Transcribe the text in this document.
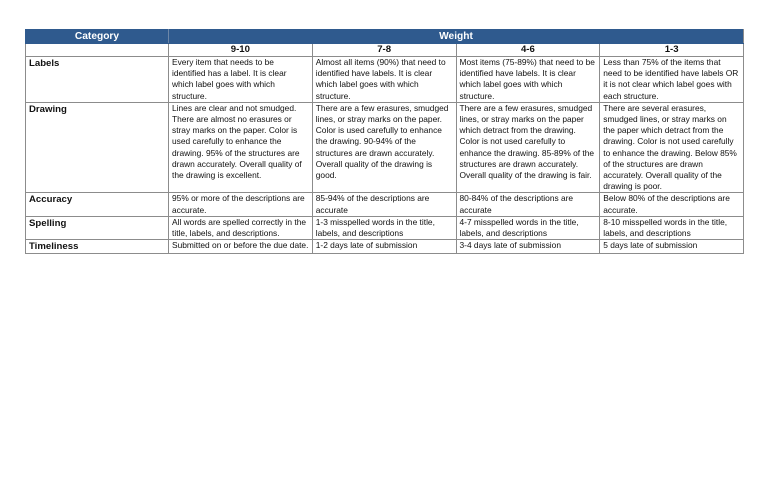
Category	Weight			
	9-10	7-8	4-6	1-3
Labels	Every item that needs to be identified has a label. It is clear which label goes with which structure.	Almost all items (90%) that need to identified have labels. It is clear which label goes with which structure.	Most items (75-89%) that need to be identified have labels. It is clear which label goes with which structure.	Less than 75% of the items that need to be identified have labels OR it is not clear which label goes with each structure.
Drawing	Lines are clear and not smudged. There are almost no erasures or stray marks on the paper. Color is used carefully to enhance the drawing. 95% of the structures are drawn accurately. Overall quality of the drawing is excellent.	There are a few erasures, smudged lines, or stray marks on the paper. Color is used carefully to enhance the drawing. 90-94% of the structures are drawn accurately. Overall quality of the drawing is good.	There are a few erasures, smudged lines, or stray marks on the paper which detract from the drawing. Color is not used carefully to enhance the drawing. 85-89% of the structures are drawn accurately. Overall quality of the drawing is fair.	There are several erasures, smudged lines, or stray marks on the paper which detract from the drawing. Color is not used carefully to enhance the drawing. Below 85% of the structures are drawn accurately. Overall quality of the drawing is poor.
Accuracy	95% or more of the descriptions are accurate.	85-94% of the descriptions are accurate	80-84% of the descriptions are accurate	Below 80% of the descriptions are accurate.
Spelling	All words are spelled correctly in the title, labels, and descriptions.	1-3 misspelled words in the title, labels, and descriptions	4-7 misspelled words in the title, labels, and descriptions	8-10 misspelled words in the title, labels, and descriptions
Timeliness	Submitted on or before the due date.	1-2 days late of submission	3-4 days late of submission	5 days late of submission
